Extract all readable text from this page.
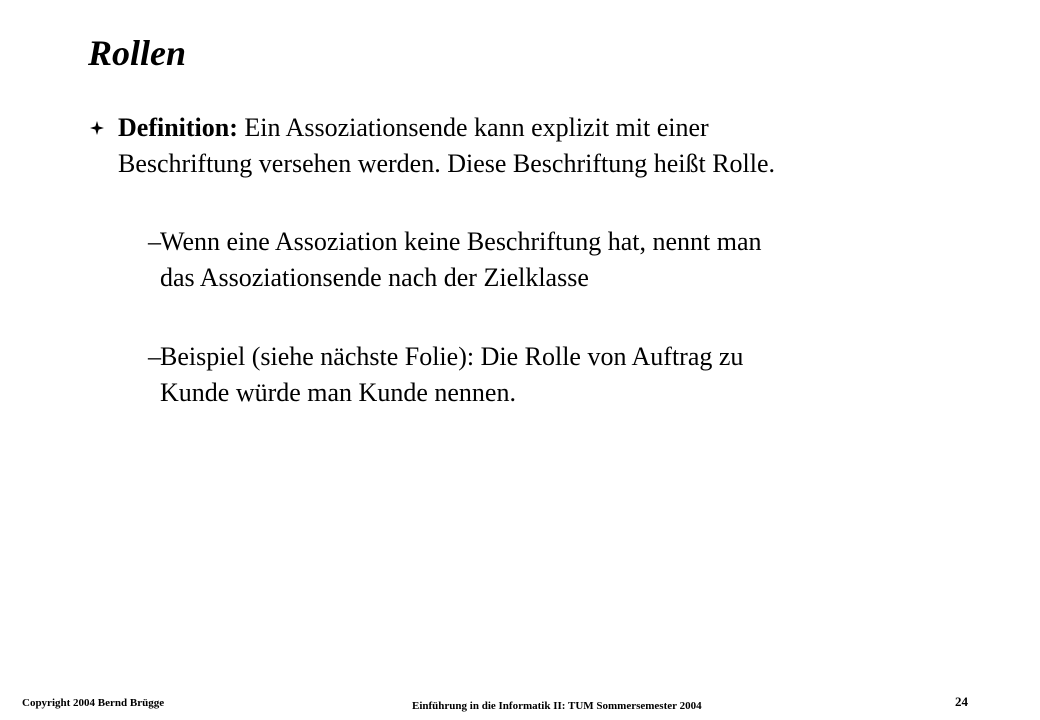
Rollen
Definition: Ein Assoziationsende kann explizit mit einer Beschriftung versehen werden. Diese Beschriftung heißt Rolle.
– Wenn eine Assoziation keine Beschriftung hat, nennt man das Assoziationsende nach der Zielklasse
– Beispiel (siehe nächste Folie): Die Rolle von Auftrag zu Kunde würde man Kunde nennen.
Copyright 2004 Bernd Brügge	Einführung in die Informatik II: TUM Sommersemester 2004	24
